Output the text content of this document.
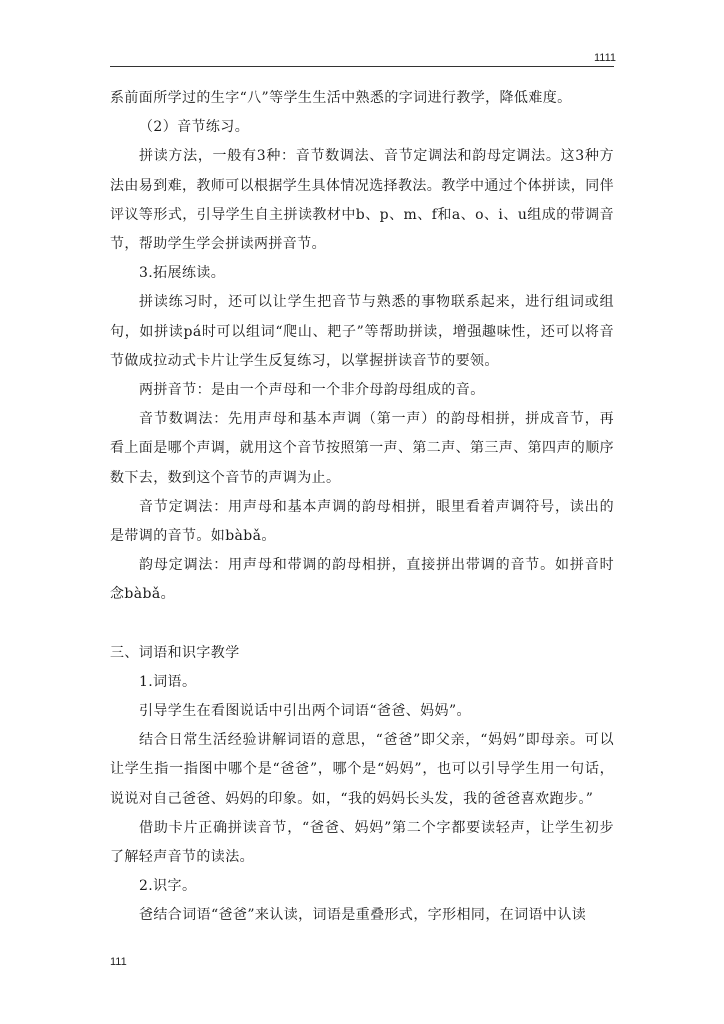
1111

系前面所学过的生字“八”等学生生活中熟悉的字词进行教学，降低难度。

（2）音节练习。

拼读方法，一般有3种：音节数调法、音节定调法和韵母定调法。这3种方法由易到难，教师可以根据学生具体情况选择教法。教学中通过个体拼读，同伴评议等形式，引导学生自主拼读教材中b、p、m、f和a、o、i、u组成的带调音节，帮助学生学会拼读两拼音节。

3.拓展练读。

拼读练习时，还可以让学生把音节与熟悉的事物联系起来，进行组词或组句，如拼读pá时可以组词“爬山、耙子”等帮助拼读，增强趣味性，还可以将音节做成拉动式卡片让学生反复练习，以掌握拼读音节的要领。

两拼音节：是由一个声母和一个非介母韵母组成的音。

音节数调法：先用声母和基本声调（第一声）的韵母相拼，拼成音节，再看上面是哪个声调，就用这个音节按照第一声、第二声、第三声、第四声的顺序数下去，数到这个音节的声调为止。

音节定调法：用声母和基本声调的韵母相拼，眼里看着声调符号，读出的是带调的音节。如bàbǎ。

韵母定调法：用声母和带调的韵母相拼，直接拼出带调的音节。如拼音时念bàbǎ。

三、词语和识字教学

1.词语。

引导学生在看图说话中引出两个词语“爸爸、妈妈”。

结合日常生活经验讲解词语的意思，“爸爸”即父亲，“妈妈”即母亲。可以让学生指一指图中哪个是“爸爸”，哪个是“妈妈”，也可以引导学生用一句话，说说对自己爸爸、妈妈的印象。如，“我的妈妈长头发，我的爸爸喜欢跑步。”

借助卡片正确拼读音节，“爸爸、妈妈”第二个字都要读轻声，让学生初步了解轻声音节的读法。

2.识字。

爸结合词语“爸爸”来认读，词语是重叠形式，字形相同，在词语中认读

111
